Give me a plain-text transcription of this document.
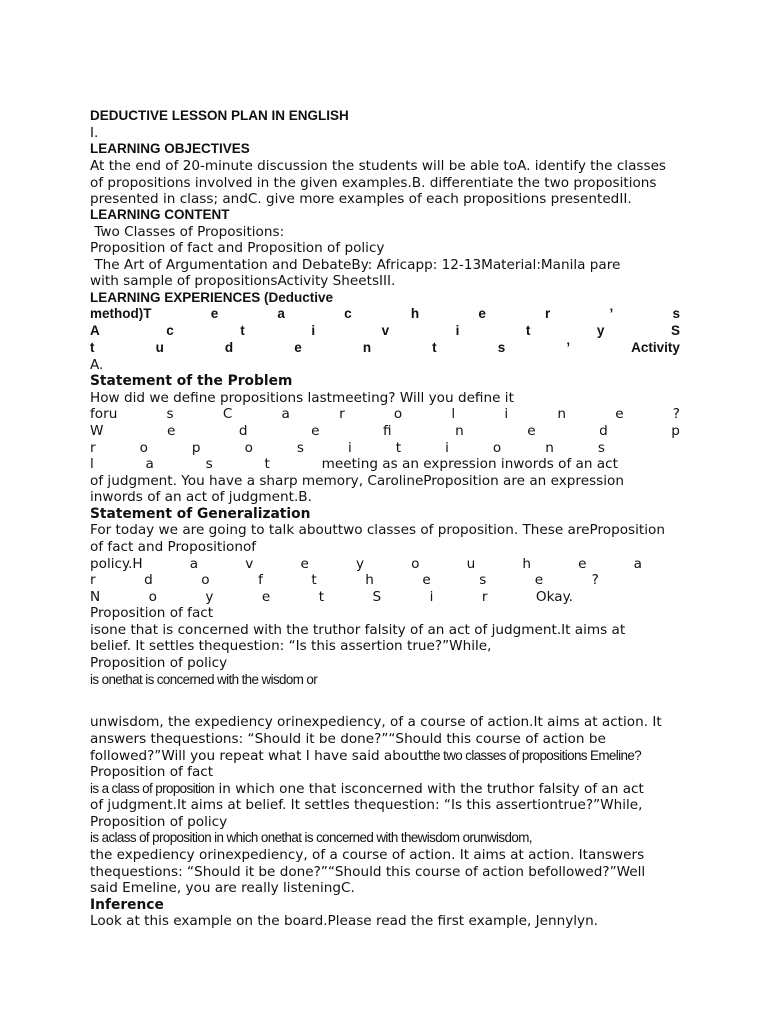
DEDUCTIVE LESSON PLAN IN ENGLISH
I.
LEARNING OBJECTIVES
At the end of 20-minute discussion the students will be able toA. identify the classes
of propositions involved in the given examples.B. differentiate the two propositions
presented in class; andC. give more examples of each propositions presentedII.
LEARNING CONTENT
Two Classes of Propositions:
Proposition of fact and Proposition of policy
The Art of Argumentation and DebateBy: Africapp: 12-13Material:Manila pare
with sample of propositionsActivity SheetsIII.
LEARNING EXPERIENCES (Deductive
method)T	e	a	c	h	e	r	’	s
A	c	t	i	v	i	t	y	S
t	u	d	e	n	t	s	’	Activity
A.
Statement of the Problem
How did we define propositions lastmeeting? Will you define it
foru	s	C	a	r	o	l	i	n	e	?
W	e	d	e	fi	n	e	d	p
r	o	p	o	s	i	t	i	o	n	s
l	a	s	t	meeting as an expression inwords of an act
of judgment. You have a sharp memory, CarolineProposition are an expression
inwords of an act of judgment.B.
Statement of Generalization
For today we are going to talk abouttwo classes of proposition. These areProposition
of fact and Propositionof
policy.H	a	v	e	y	o	u	h	e	a
r	d	o	f	t	h	e	s	e	?
N	o	y	e	t	S	i	r	Okay.
Proposition of fact
isone that is concerned with the truthor falsity of an act of judgment.It aims at
belief. It settles thequestion: “Is this assertion true?”While,
Proposition of policy
is onethat is concerned with the wisdom or
unwisdom, the expediency orinexpediency, of a course of action.It aims at action. It
answers thequestions: “Should it be done?”“Should this course of action be
followed?”Will you repeat what I have said aboutthe two classes of propositions Emeline?
Proposition of fact
is a class of proposition in which one that isconcerned with the truthor falsity of an act
of judgment.It aims at belief. It settles thequestion: “Is this assertiontrue?”While,
Proposition of policy
is aclass of proposition in which onethat is concerned with thewisdom orunwisdom,
the expediency orinexpediency, of a course of action. It aims at action. Itanswers
thequestions: “Should it be done?”“Should this course of action befollowed?”Well
said Emeline, you are really listeningC.
Inference
Look at this example on the board.Please read the first example, Jennylyn.
